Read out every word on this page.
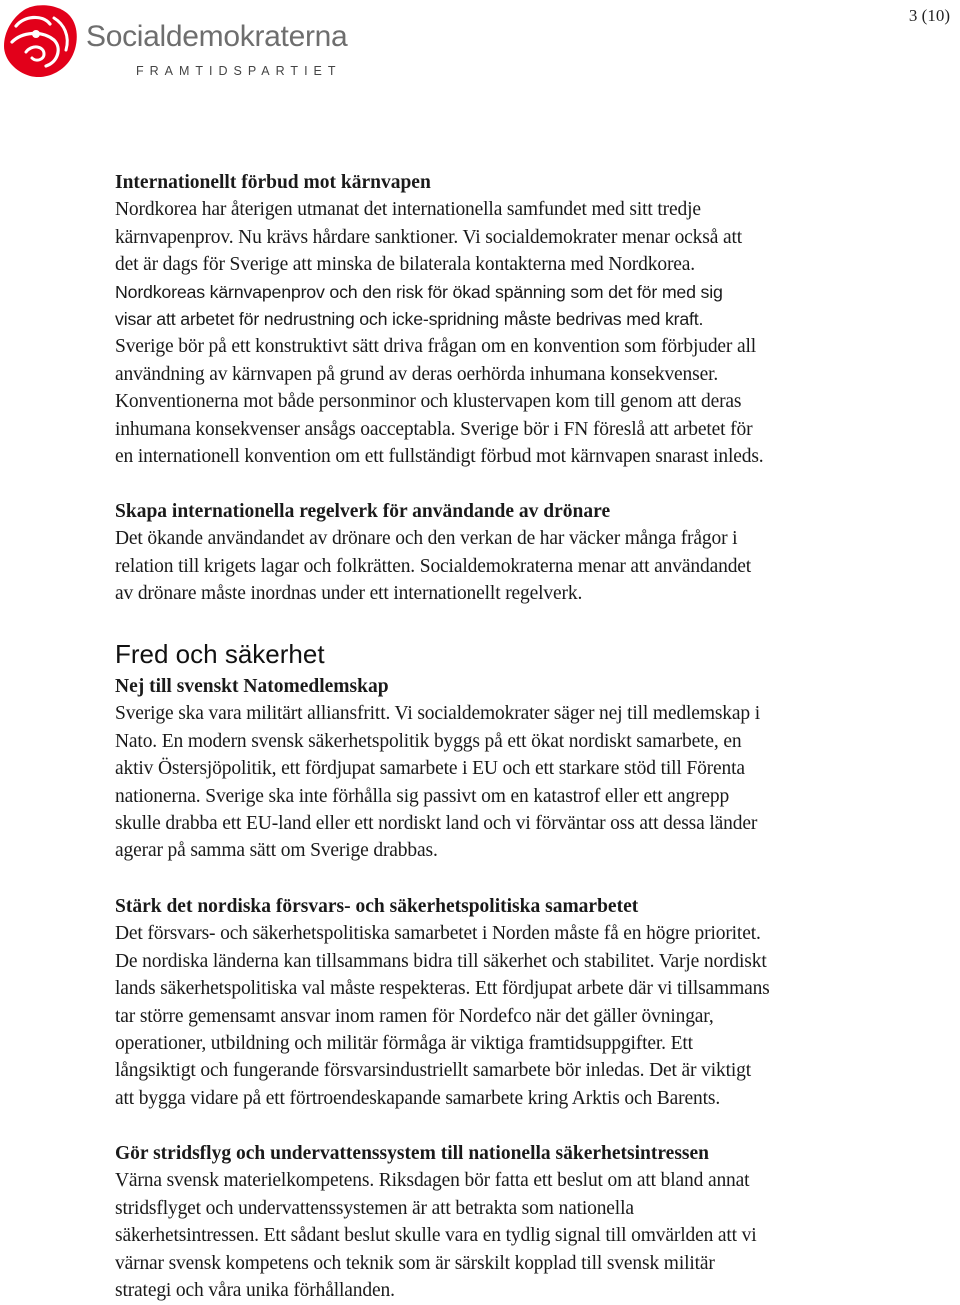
Socialdemokraterna
FRAMTIDSPARTIET
3 (10)
Internationellt förbud mot kärnvapen

Nordkorea har återigen utmanat det internationella samfundet med sitt tredje

kärnvapenprov. Nu krävs hårdare sanktioner. Vi socialdemokrater menar också att

det är dags för Sverige att minska de bilaterala kontakterna med Nordkorea.

Nordkoreas kärnvapenprov och den risk för ökad spänning som det för med sig

visar att arbetet för nedrustning och icke-spridning måste bedrivas med kraft.

Sverige bör på ett konstruktivt sätt driva frågan om en konvention som förbjuder all

användning av kärnvapen på grund av deras oerhörda inhumana konsekvenser.

Konventionerna mot både personminor och klustervapen kom till genom att deras

inhumana konsekvenser ansågs oacceptabla. Sverige bör i FN föreslå att arbetet för

en internationell konvention om ett fullständigt förbud mot kärnvapen snarast inleds.

Skapa internationella regelverk för användande av drönare

Det ökande användandet av drönare och den verkan de har väcker många frågor i

relation till krigets lagar och folkrätten. Socialdemokraterna menar att användandet

av drönare måste inordnas under ett internationellt regelverk.

Fred och säkerhet
Nej till svenskt Natomedlemskap

Sverige ska vara militärt alliansfritt. Vi socialdemokrater säger nej till medlemskap i

Nato. En modern svensk säkerhetspolitik byggs på ett ökat nordiskt samarbete, en

aktiv Östersjöpolitik, ett fördjupat samarbete i EU och ett starkare stöd till Förenta

nationerna. Sverige ska inte förhålla sig passivt om en katastrof eller ett angrepp

skulle drabba ett EU-land eller ett nordiskt land och vi förväntar oss att dessa länder

agerar på samma sätt om Sverige drabbas.

Stärk det nordiska försvars- och säkerhetspolitiska samarbetet

Det försvars- och säkerhetspolitiska samarbetet i Norden måste få en högre prioritet.

De nordiska länderna kan tillsammans bidra till säkerhet och stabilitet. Varje nordiskt

lands säkerhetspolitiska val måste respekteras. Ett fördjupat arbete där vi tillsammans

tar större gemensamt ansvar inom ramen för Nordefco när det gäller övningar,

operationer, utbildning och militär förmåga är viktiga framtidsuppgifter. Ett

långsiktigt och fungerande försvarsindustriellt samarbete bör inledas. Det är viktigt

att bygga vidare på ett förtroendeskapande samarbete kring Arktis och Barents.

Gör stridsflyg och undervattenssystem till nationella säkerhetsintressen

Värna svensk materielkompetens. Riksdagen bör fatta ett beslut om att bland annat

stridsflyget och undervattenssystemen är att betrakta som nationella

säkerhetsintressen. Ett sådant beslut skulle vara en tydlig signal till omvärlden att vi

värnar svensk kompetens och teknik som är särskilt kopplad till svensk militär

strategi och våra unika förhållanden.
